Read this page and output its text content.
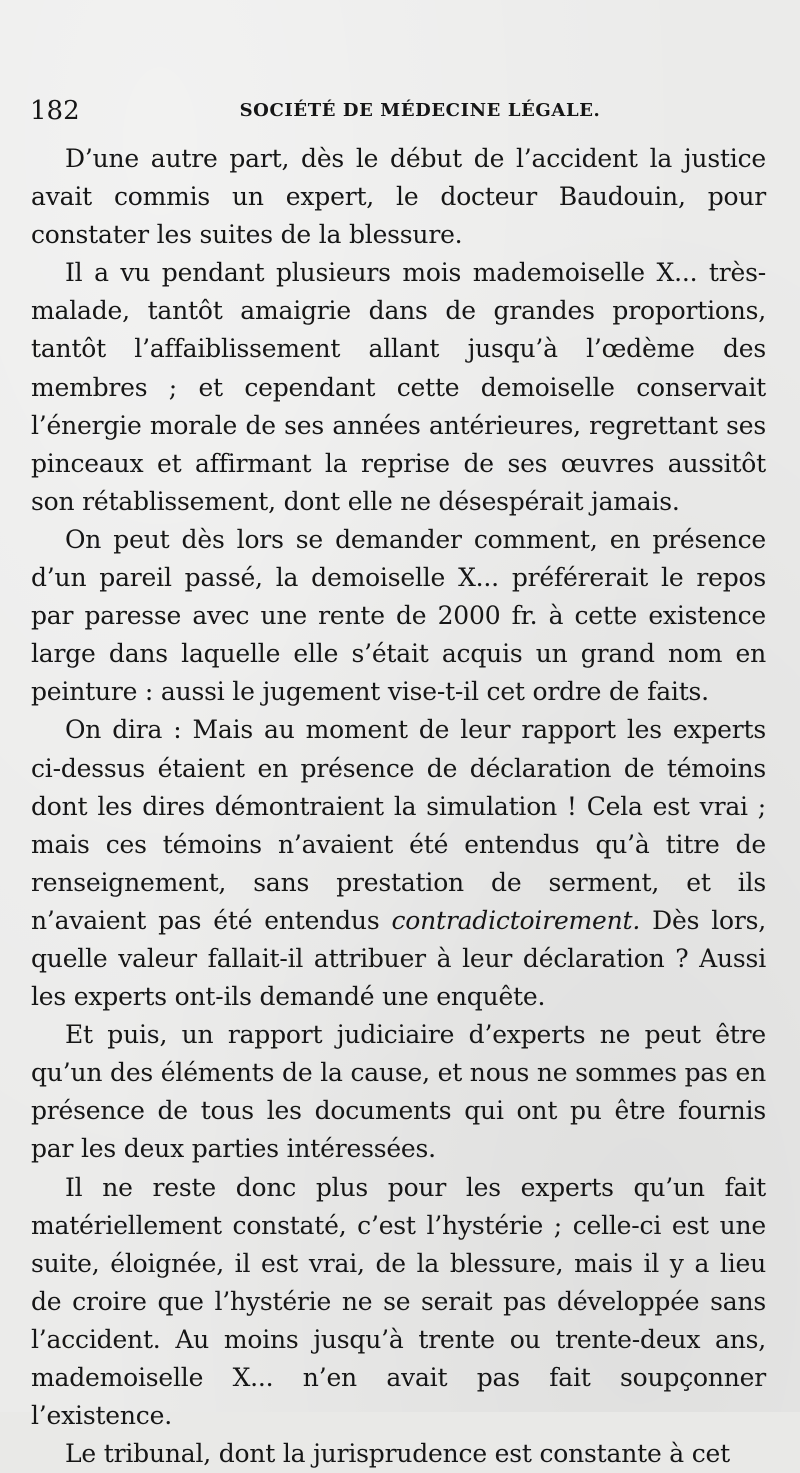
182	SOCIÉTÉ DE MÉDECINE LÉGALE.

D’une autre part, dès le début de l’accident la justice avait commis un expert, le docteur Baudouin, pour constater les suites de la blessure.

Il a vu pendant plusieurs mois mademoiselle X... très-malade, tantôt amaigrie dans de grandes proportions, tantôt l’affaiblissement allant jusqu’à l’œdème des membres ; et cependant cette demoiselle conservait l’énergie morale de ses années antérieures, regrettant ses pinceaux et affirmant la reprise de ses œuvres aussitôt son rétablissement, dont elle ne désespérait jamais.

On peut dès lors se demander comment, en présence d’un pareil passé, la demoiselle X... préférerait le repos par paresse avec une rente de 2000 fr. à cette existence large dans laquelle elle s’était acquis un grand nom en peinture : aussi le jugement vise-t-il cet ordre de faits.

On dira : Mais au moment de leur rapport les experts ci-dessus étaient en présence de déclaration de témoins dont les dires démontraient la simulation ! Cela est vrai ; mais ces témoins n’avaient été entendus qu’à titre de renseignement, sans prestation de serment, et ils n’avaient pas été entendus contradictoirement. Dès lors, quelle valeur fallait-il attribuer à leur déclaration ? Aussi les experts ont-ils demandé une enquête.

Et puis, un rapport judiciaire d’experts ne peut être qu’un des éléments de la cause, et nous ne sommes pas en présence de tous les documents qui ont pu être fournis par les deux parties intéressées.

Il ne reste donc plus pour les experts qu’un fait matériellement constaté, c’est l’hystérie ; celle-ci est une suite, éloignée, il est vrai, de la blessure, mais il y a lieu de croire que l’hystérie ne se serait pas développée sans l’accident. Au moins jusqu’à trente ou trente-deux ans, mademoiselle X... n’en avait pas fait soupçonner l’existence.

Le tribunal, dont la jurisprudence est constante à cet
